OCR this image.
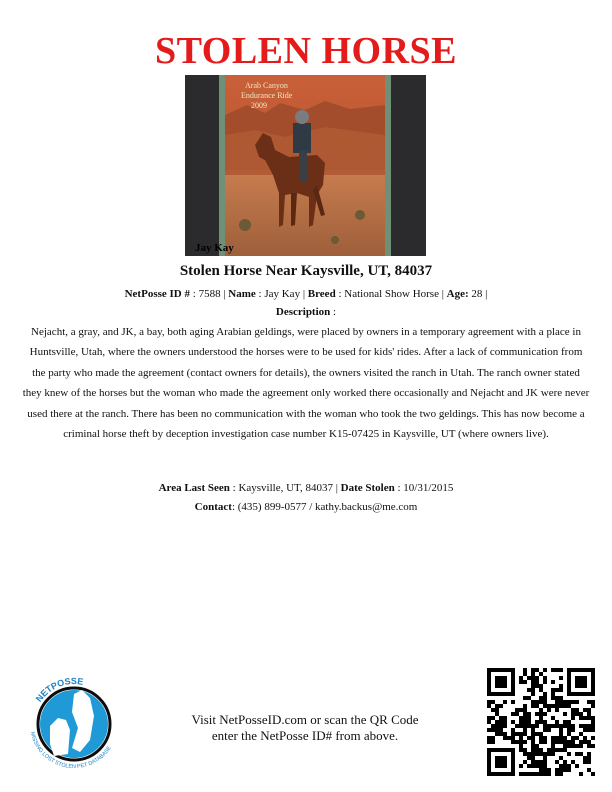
STOLEN HORSE
Arab Canyon
Endurance Ride
2009
Jay Kay
Stolen Horse Near Kaysville, UT, 84037
NetPosse ID # : 7588 | Name : Jay Kay | Breed : National Show Horse | Age: 28 |
Description :
Nejacht, a gray, and JK, a bay, both aging Arabian geldings, were placed by owners in a temporary agreement with a place in Huntsville, Utah, where the owners understood the horses were to be used for kids' rides. After a lack of communication from the party who made the agreement (contact owners for details), the owners visited the ranch in Utah. The ranch owner stated they knew of the horses but the woman who made the agreement only worked there occasionally and Nejacht and JK were never used there at the ranch. There has been no communication with the woman who took the two geldings. This has now become a criminal horse theft by deception investigation case number K15-07425 in Kaysville, UT (where owners live).
Area Last Seen : Kaysville, UT, 84037 | Date Stolen : 10/31/2015
Contact: (435) 899-0577 / kathy.backus@me.com
NETPOSSE
MISSING LOST STOLEN PET DATABASE
Visit NetPosseID.com or scan the QR Code
enter the NetPosse ID# from above.
